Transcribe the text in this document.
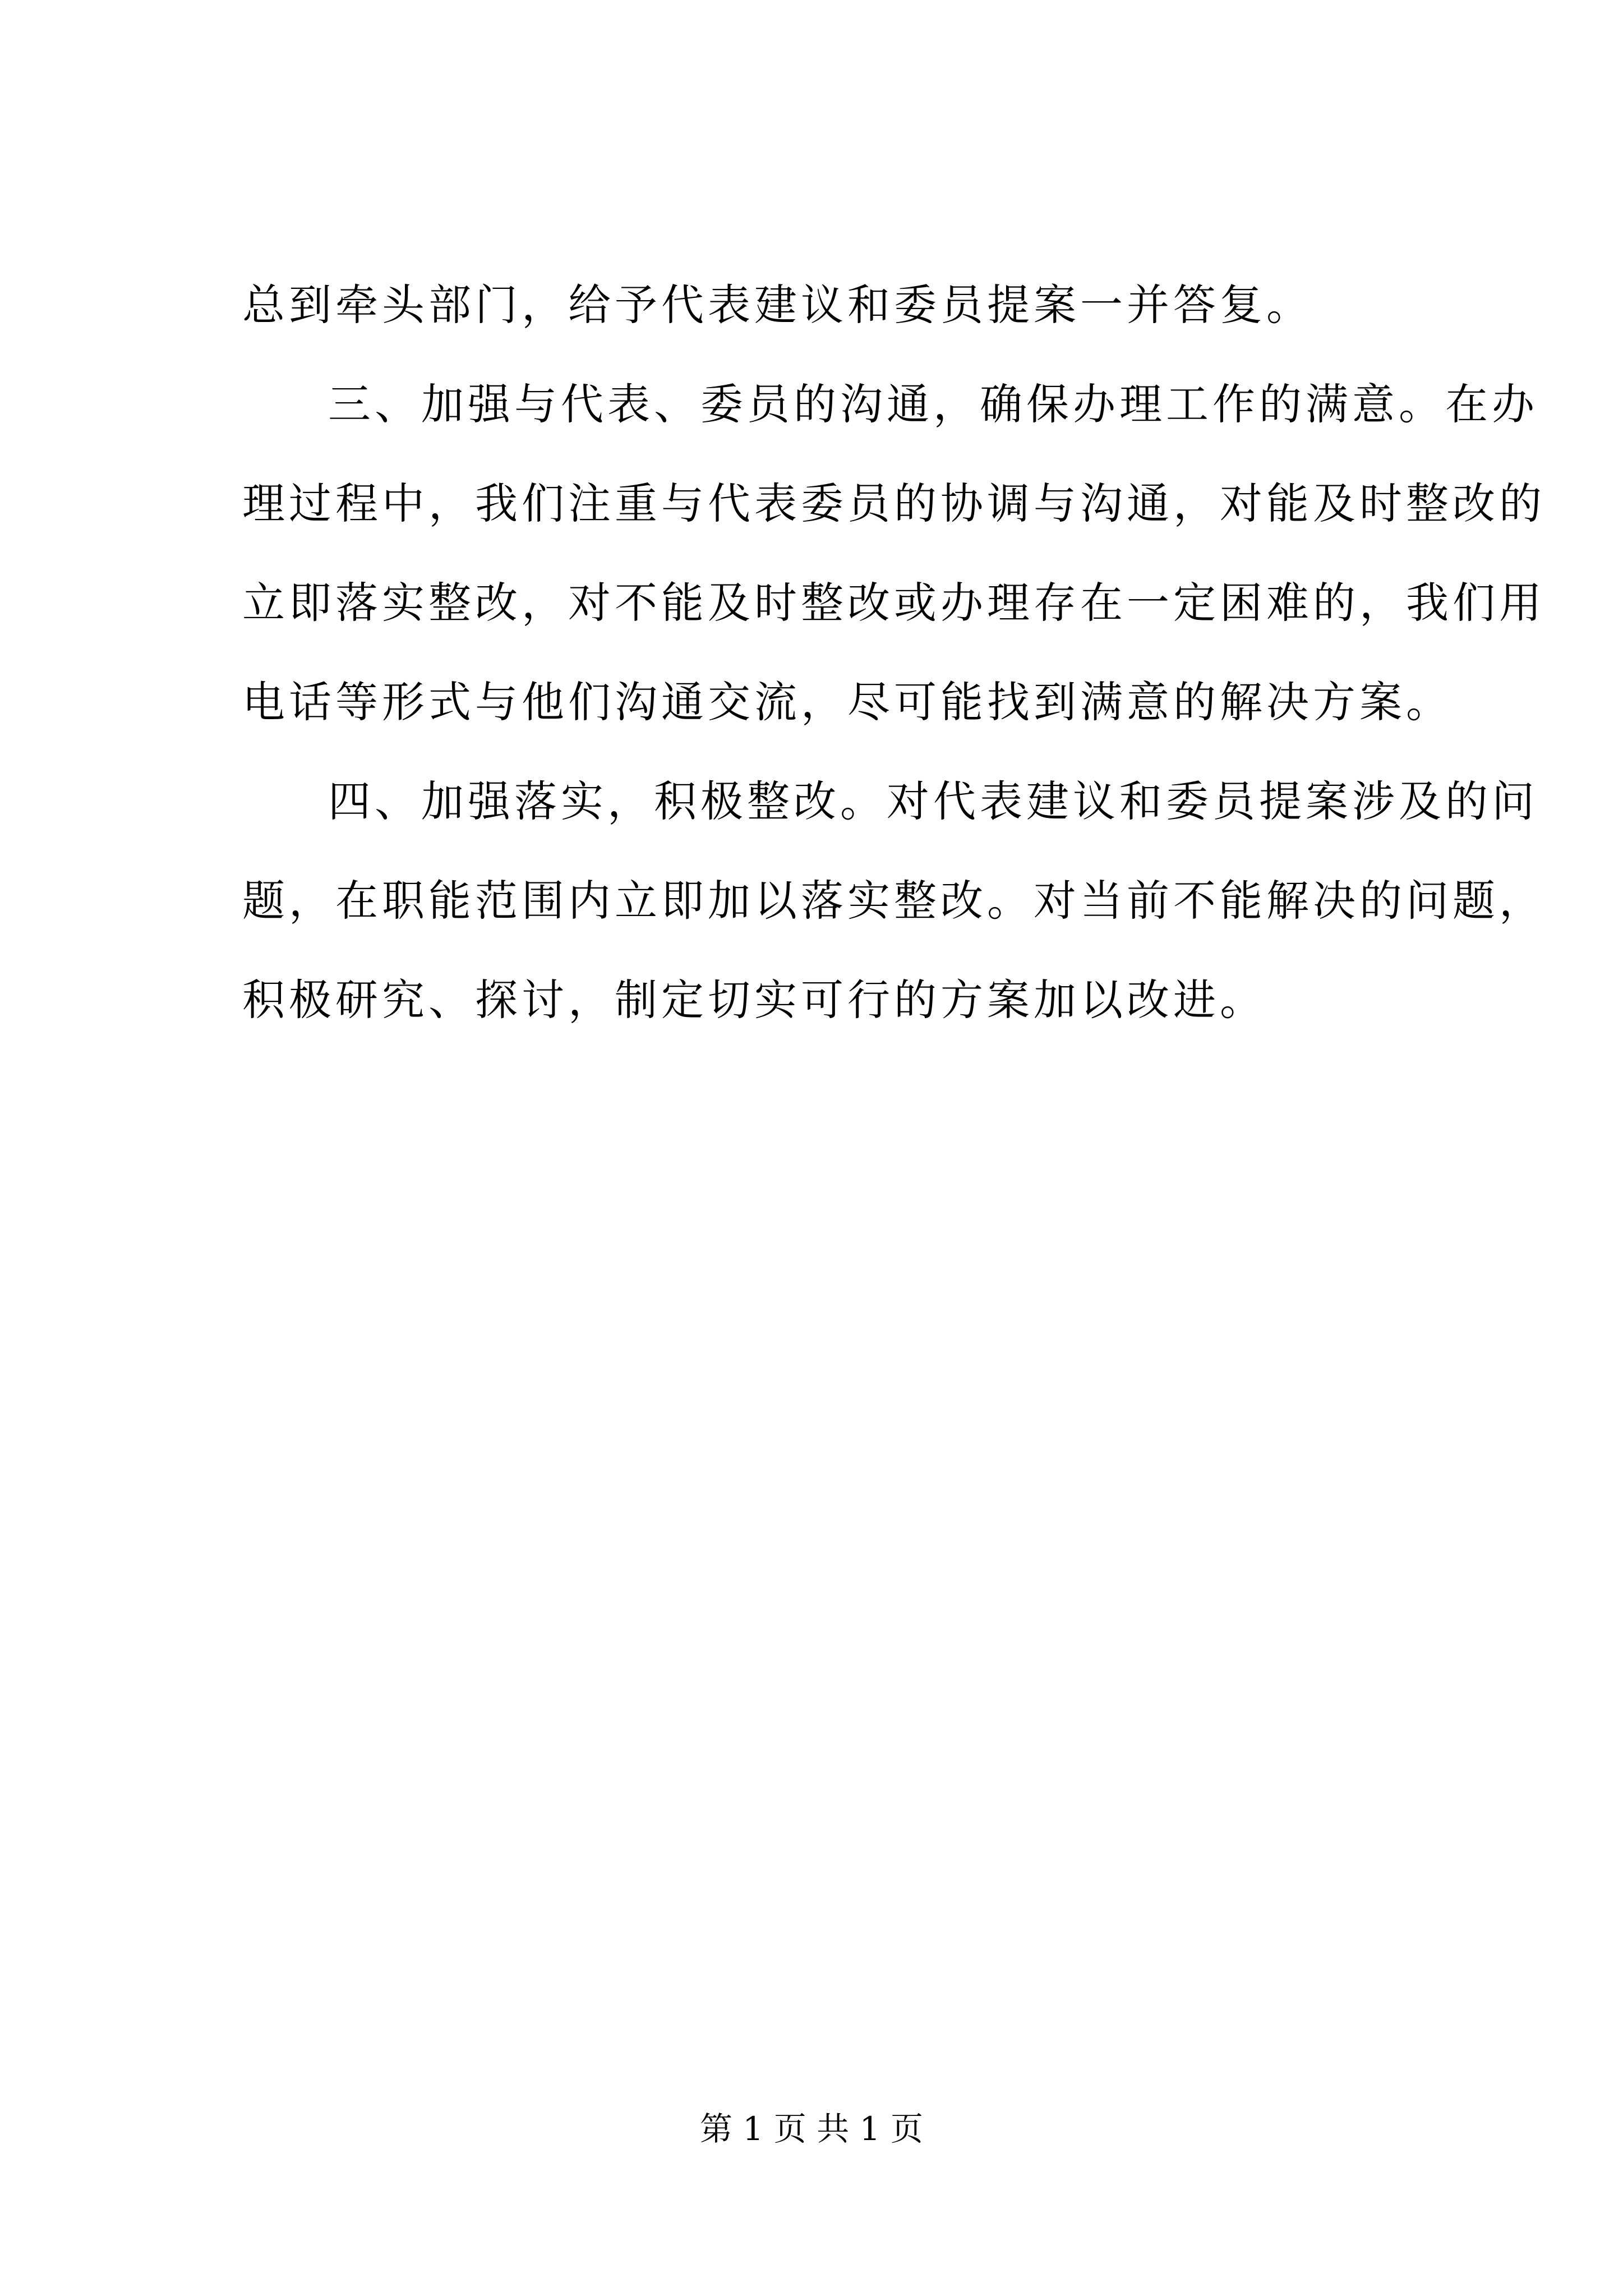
总到牵头部门，给予代表建议和委员提案一并答复。
三、加强与代表、委员的沟通，确保办理工作的满意。在办
理过程中，我们注重与代表委员的协调与沟通，对能及时整改的
立即落实整改，对不能及时整改或办理存在一定困难的，我们用
电话等形式与他们沟通交流，尽可能找到满意的解决方案。
四、加强落实，积极整改。对代表建议和委员提案涉及的问
题，在职能范围内立即加以落实整改。对当前不能解决的问题，
积极研究、探讨，制定切实可行的方案加以改进。
第 1 页 共 1 页
